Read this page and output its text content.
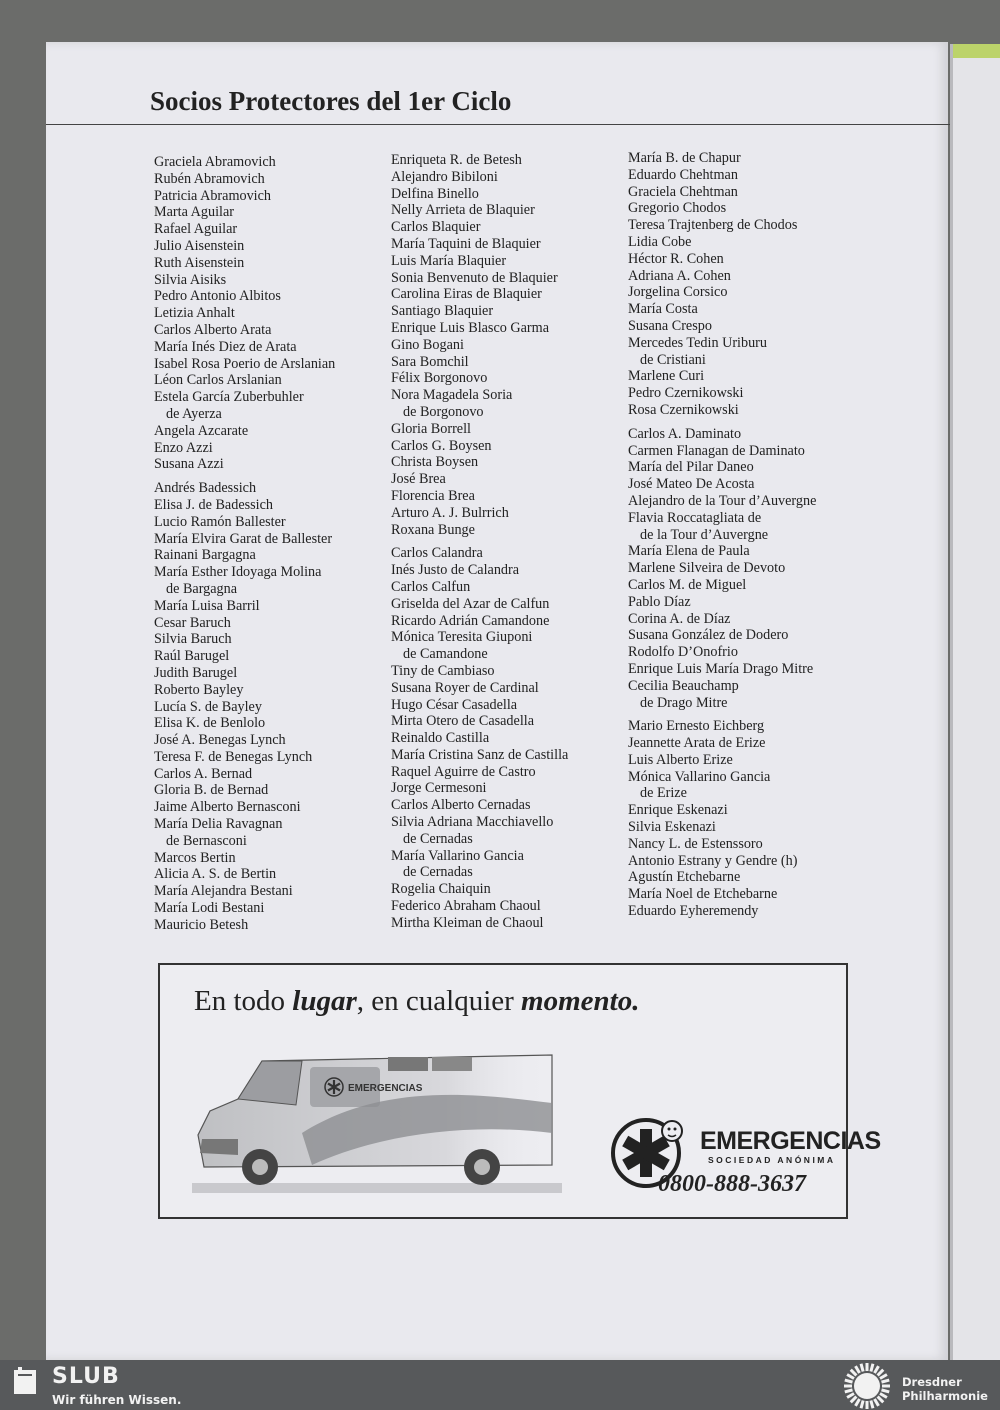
Socios Protectores del 1er Ciclo
Graciela Abramovich
Rubén Abramovich
Patricia Abramovich
Marta Aguilar
Rafael Aguilar
Julio Aisenstein
Ruth Aisenstein
Silvia Aisiks
Pedro Antonio Albitos
Letizia Anhalt
Carlos Alberto Arata
María Inés Diez de Arata
Isabel Rosa Poerio de Arslanian
Léon Carlos Arslanian
Estela García Zuberbuhler
de Ayerza
Angela Azcarate
Enzo Azzi
Susana Azzi
Andrés Badessich
Elisa J. de Badessich
Lucio Ramón Ballester
María Elvira Garat de Ballester
Rainani Bargagna
María Esther Idoyaga Molina
de Bargagna
María Luisa Barril
Cesar Baruch
Silvia Baruch
Raúl Barugel
Judith Barugel
Roberto Bayley
Lucía S. de Bayley
Elisa K. de Benlolo
José A. Benegas Lynch
Teresa F. de Benegas Lynch
Carlos A. Bernad
Gloria B. de Bernad
Jaime Alberto Bernasconi
María Delia Ravagnan
de Bernasconi
Marcos Bertin
Alicia A. S. de Bertin
María Alejandra Bestani
María Lodi Bestani
Mauricio Betesh
Enriqueta R. de Betesh
Alejandro Bibiloni
Delfina Binello
Nelly Arrieta de Blaquier
Carlos Blaquier
María Taquini de Blaquier
Luis María Blaquier
Sonia Benvenuto de Blaquier
Carolina Eiras de Blaquier
Santiago Blaquier
Enrique Luis Blasco Garma
Gino Bogani
Sara Bomchil
Félix Borgonovo
Nora Magadela Soria
de Borgonovo
Gloria Borrell
Carlos G. Boysen
Christa Boysen
José Brea
Florencia Brea
Arturo A. J. Bulrrich
Roxana Bunge
Carlos Calandra
Inés Justo de Calandra
Carlos Calfun
Griselda del Azar de Calfun
Ricardo Adrián Camandone
Mónica Teresita Giuponi
de Camandone
Tiny de Cambiaso
Susana Royer de Cardinal
Hugo César Casadella
Mirta Otero de Casadella
Reinaldo Castilla
María Cristina Sanz de Castilla
Raquel Aguirre de Castro
Jorge Cermesoni
Carlos Alberto Cernadas
Silvia Adriana Macchiavello
de Cernadas
María Vallarino Gancia
de Cernadas
Rogelia Chaiquin
Federico Abraham Chaoul
Mirtha Kleiman de Chaoul
María B. de Chapur
Eduardo Chehtman
Graciela Chehtman
Gregorio Chodos
Teresa Trajtenberg de Chodos
Lidia Cobe
Héctor R. Cohen
Adriana A. Cohen
Jorgelina Corsico
María Costa
Susana Crespo
Mercedes Tedin Uriburu
de Cristiani
Marlene Curi
Pedro Czernikowski
Rosa Czernikowski
Carlos A. Daminato
Carmen Flanagan de Daminato
María del Pilar Daneo
José Mateo De Acosta
Alejandro de la Tour d’Auvergne
Flavia Roccatagliata de
de la Tour d’Auvergne
María Elena de Paula
Marlene Silveira de Devoto
Carlos M. de Miguel
Pablo Díaz
Corina A. de Díaz
Susana González de Dodero
Rodolfo D’Onofrio
Enrique Luis María Drago Mitre
Cecilia Beauchamp
de Drago Mitre
Mario Ernesto Eichberg
Jeannette Arata de Erize
Luis Alberto Erize
Mónica Vallarino Gancia
de Erize
Enrique Eskenazi
Silvia Eskenazi
Nancy L. de Estenssoro
Antonio Estrany y Gendre (h)
Agustín Etchebarne
María Noel de Etchebarne
Eduardo Eyheremendy
En todo lugar, en cualquier momento.
EMERGENCIAS
EMERGENCIAS
SOCIEDAD ANÓNIMA
0800-888-3637
SLUB
Wir führen Wissen.
Dresdner
Philharmonie
